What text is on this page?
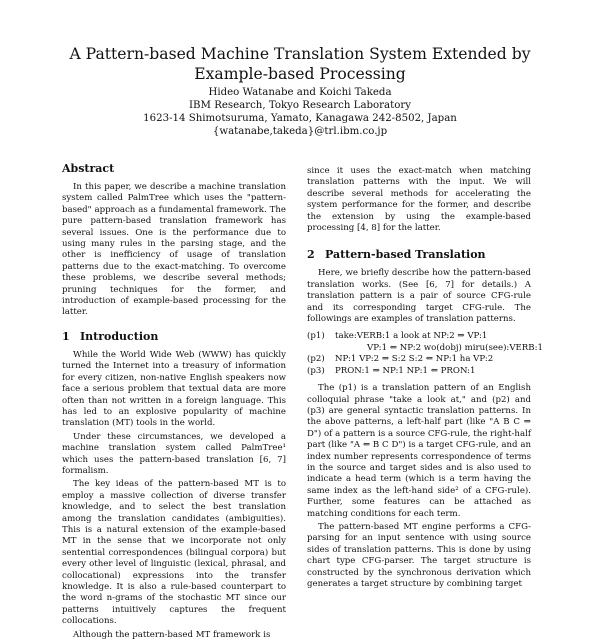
A Pattern-based Machine Translation System Extended by
Example-based Processing
Hideo Watanabe and Koichi Takeda
IBM Research, Tokyo Research Laboratory
1623-14 Shimotsuruma, Yamato, Kanagawa 242-8502, Japan
{watanabe,takeda}@trl.ibm.co.jp
Abstract

In this paper, we describe a machine translation system called PalmTree which uses the "pattern-based" approach as a fundamental framework. The pure pattern-based translation framework has several issues. One is the performance due to using many rules in the parsing stage, and the other is inefficiency of usage of translation patterns due to the exact-matching. To overcome these problems, we describe several methods; pruning techniques for the former, and introduction of example-based processing for the latter.

1 Introduction

While the World Wide Web (WWW) has quickly turned the Internet into a treasury of information for every citizen, non-native English speakers now face a serious problem that textual data are more often than not written in a foreign language. This has led to an explosive popularity of machine translation (MT) tools in the world.

Under these circumstances, we developed a machine translation system called PalmTree¹ which uses the pattern-based translation [6, 7] formalism.

The key ideas of the pattern-based MT is to employ a massive collection of diverse transfer knowledge, and to select the best translation among the translation candidates (ambiguities). This is a natural extension of the example-based MT in the sense that we incorporate not only sentential correspondences (bilingual corpora) but every other level of linguistic (lexical, phrasal, and collocational) expressions into the transfer knowledge. It is also a rule-based counterpart to the word n-grams of the stochastic MT since our patterns intuitively captures the frequent collocations.

Although the pattern-based MT framework is

since it uses the exact-match when matching translation patterns with the input. We will describe several methods for accelerating the system performance for the former, and describe the extension by using the example-based processing [4, 8] for the latter.

2 Pattern-based Translation

Here, we briefly describe how the pattern-based translation works. (See [6, 7] for details.) A translation pattern is a pair of source CFG-rule and its corresponding target CFG-rule. The followings are examples of translation patterns.

(p1)	take:VERB:1 a look at NP:2 ⇒ VP:1
VP:1 ⇐ NP:2 wo(dobj) miru(see):VERB:1
(p2)	NP:1 VP:2 ⇒ S:2 S:2 ⇐ NP:1 ha VP:2
(p3)	PRON:1 ⇒ NP:1 NP:1 ⇐ PRON:1

The (p1) is a translation pattern of an English colloquial phrase "take a look at," and (p2) and (p3) are general syntactic translation patterns. In the above patterns, a left-half part (like "A B C ⇒ D") of a pattern is a source CFG-rule, the right-half part (like "A ⇐ B C D") is a target CFG-rule, and an index number represents correspondence of terms in the source and target sides and is also used to indicate a head term (which is a term having the same index as the left-hand side² of a CFG-rule). Further, some features can be attached as matching conditions for each term.

The pattern-based MT engine performs a CFG-parsing for an input sentence with using source sides of translation patterns. This is done by using chart type CFG-parser. The target structure is constructed by the synchronous derivation which generates a target structure by combining target
